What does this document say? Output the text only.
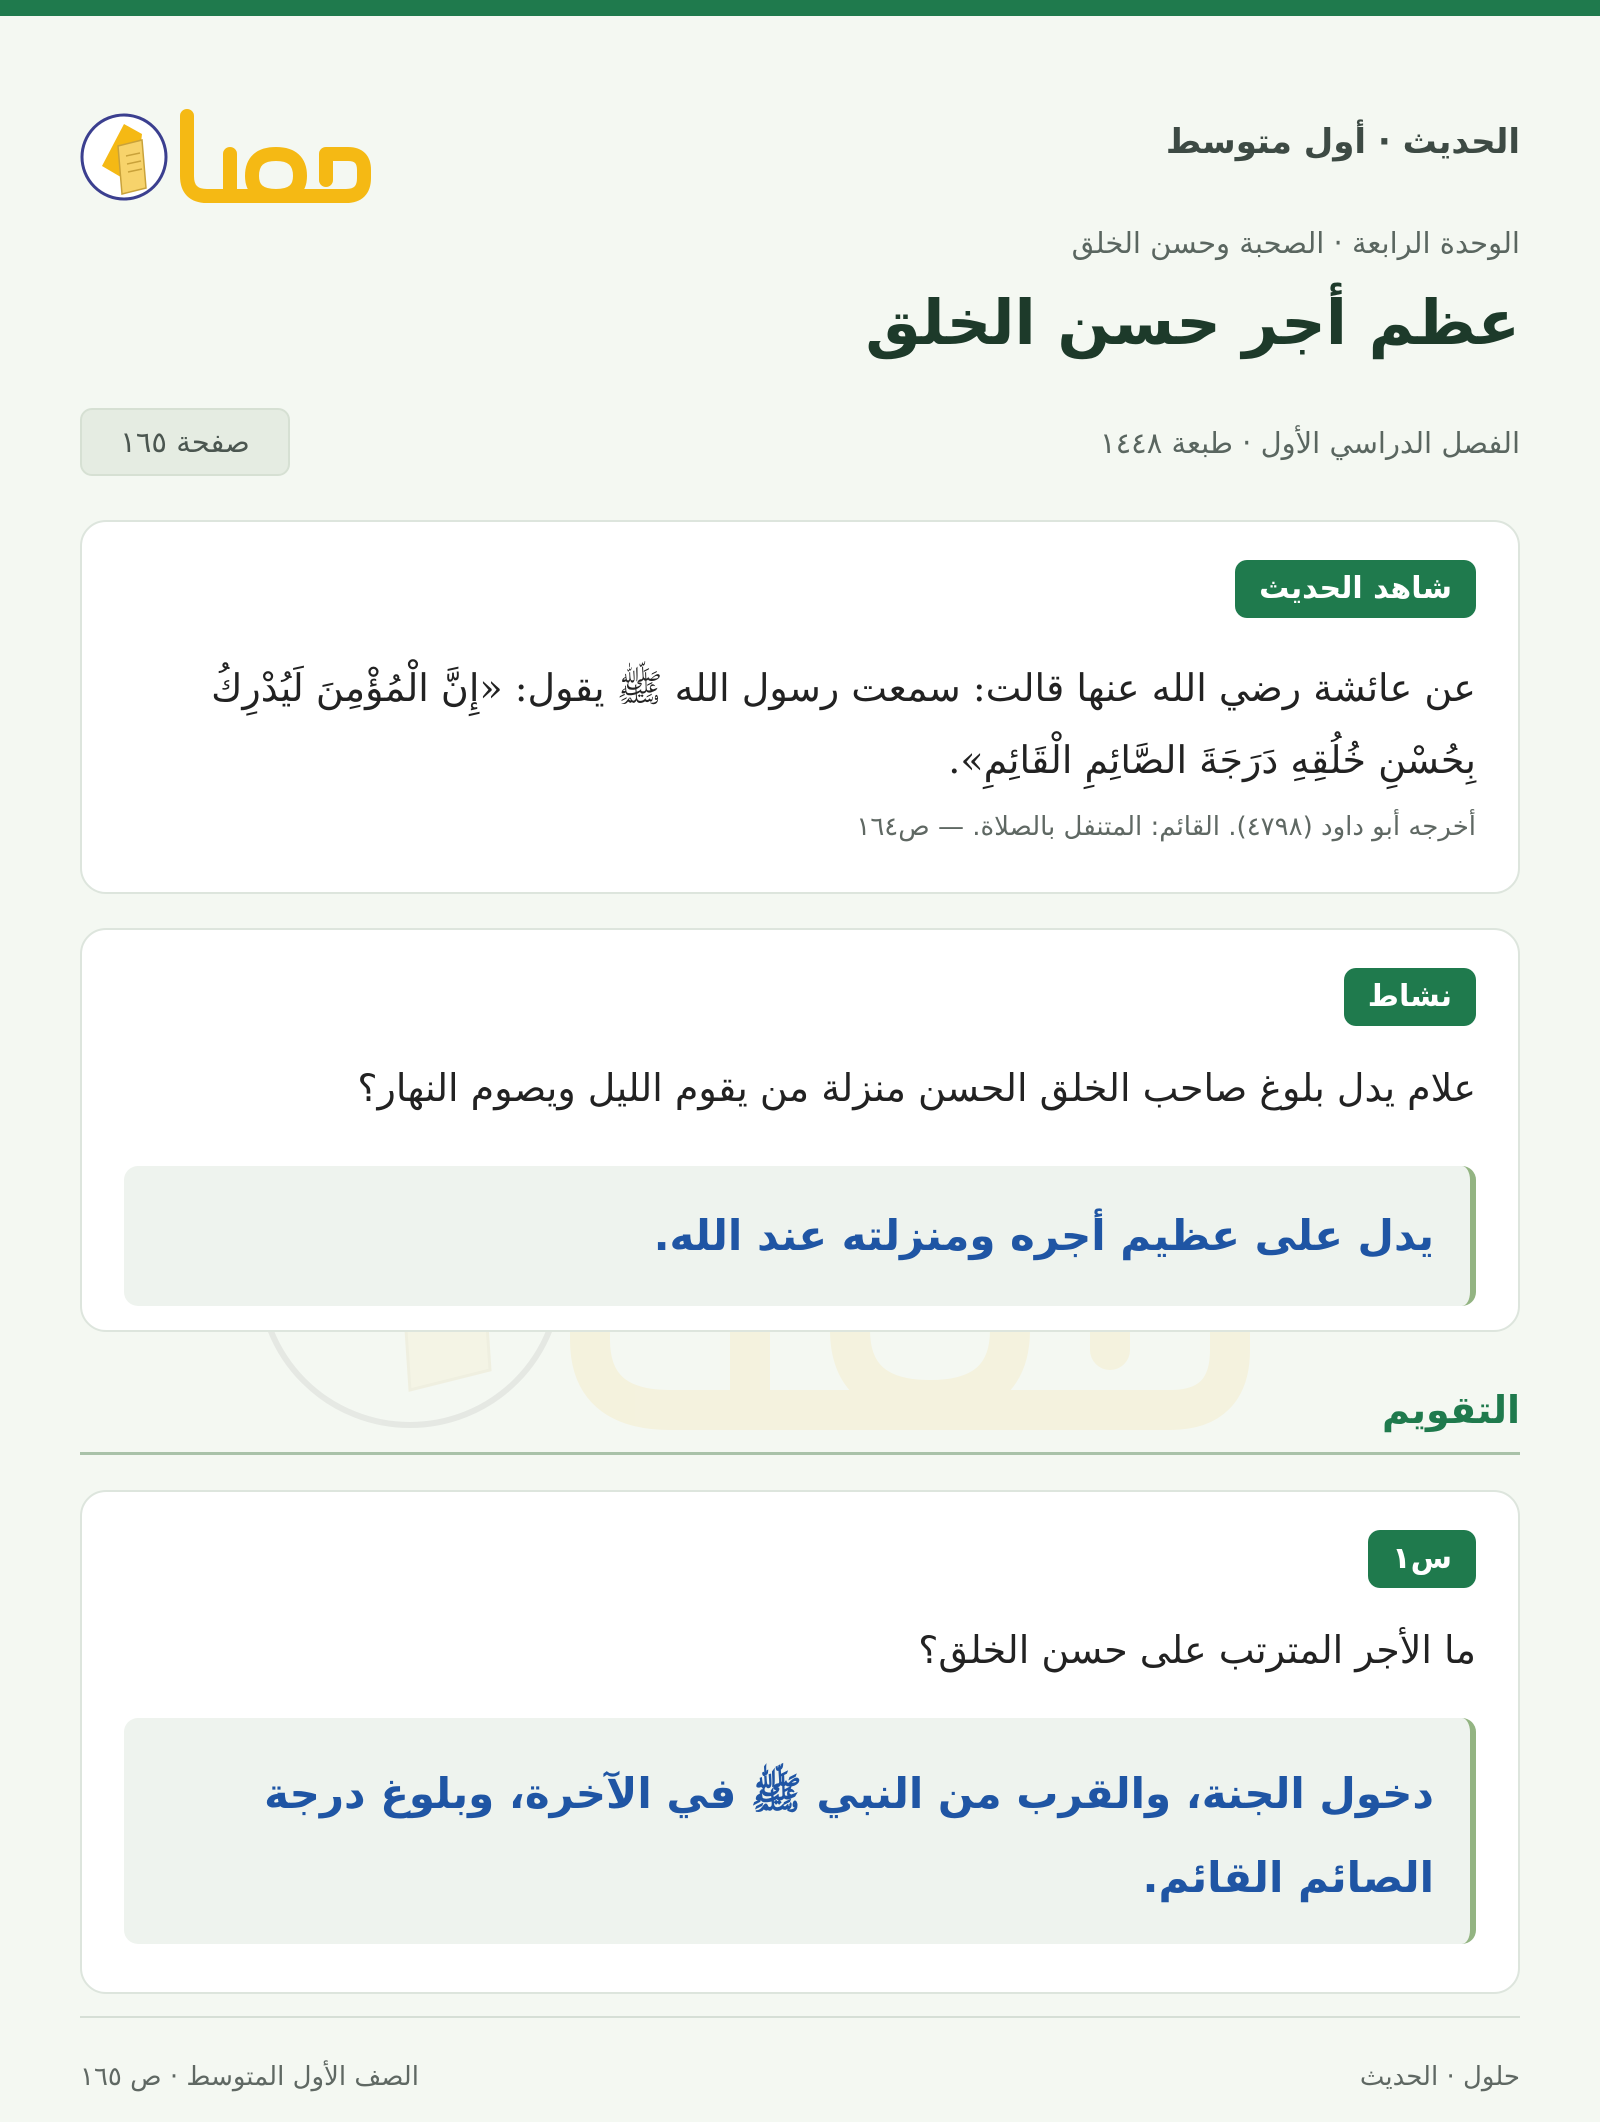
الحديث · أول متوسط
حلول
الوحدة الرابعة · الصحبة وحسن الخلق
عظم أجر حسن الخلق
الفصل الدراسي الأول · طبعة ١٤٤٨
صفحة ١٦٥
شاهد الحديث

عن عائشة رضي الله عنها قالت: سمعت رسول الله ﷺ يقول: «إِنَّ الْمُؤْمِنَ لَيُدْرِكُ بِحُسْنِ خُلُقِهِ دَرَجَةَ الصَّائِمِ الْقَائِمِ».

أخرجه أبو داود (٤٧٩٨). القائم: المتنفل بالصلاة. — ص١٦٤
نشاط

علام يدل بلوغ صاحب الخلق الحسن منزلة من يقوم الليل ويصوم النهار؟

يدل على عظيم أجره ومنزلته عند الله.
التقويم
س١

ما الأجر المترتب على حسن الخلق؟

دخول الجنة، والقرب من النبي ﷺ في الآخرة، وبلوغ درجة الصائم القائم.
حلول · الحديث
الصف الأول المتوسط · ص ١٦٥
